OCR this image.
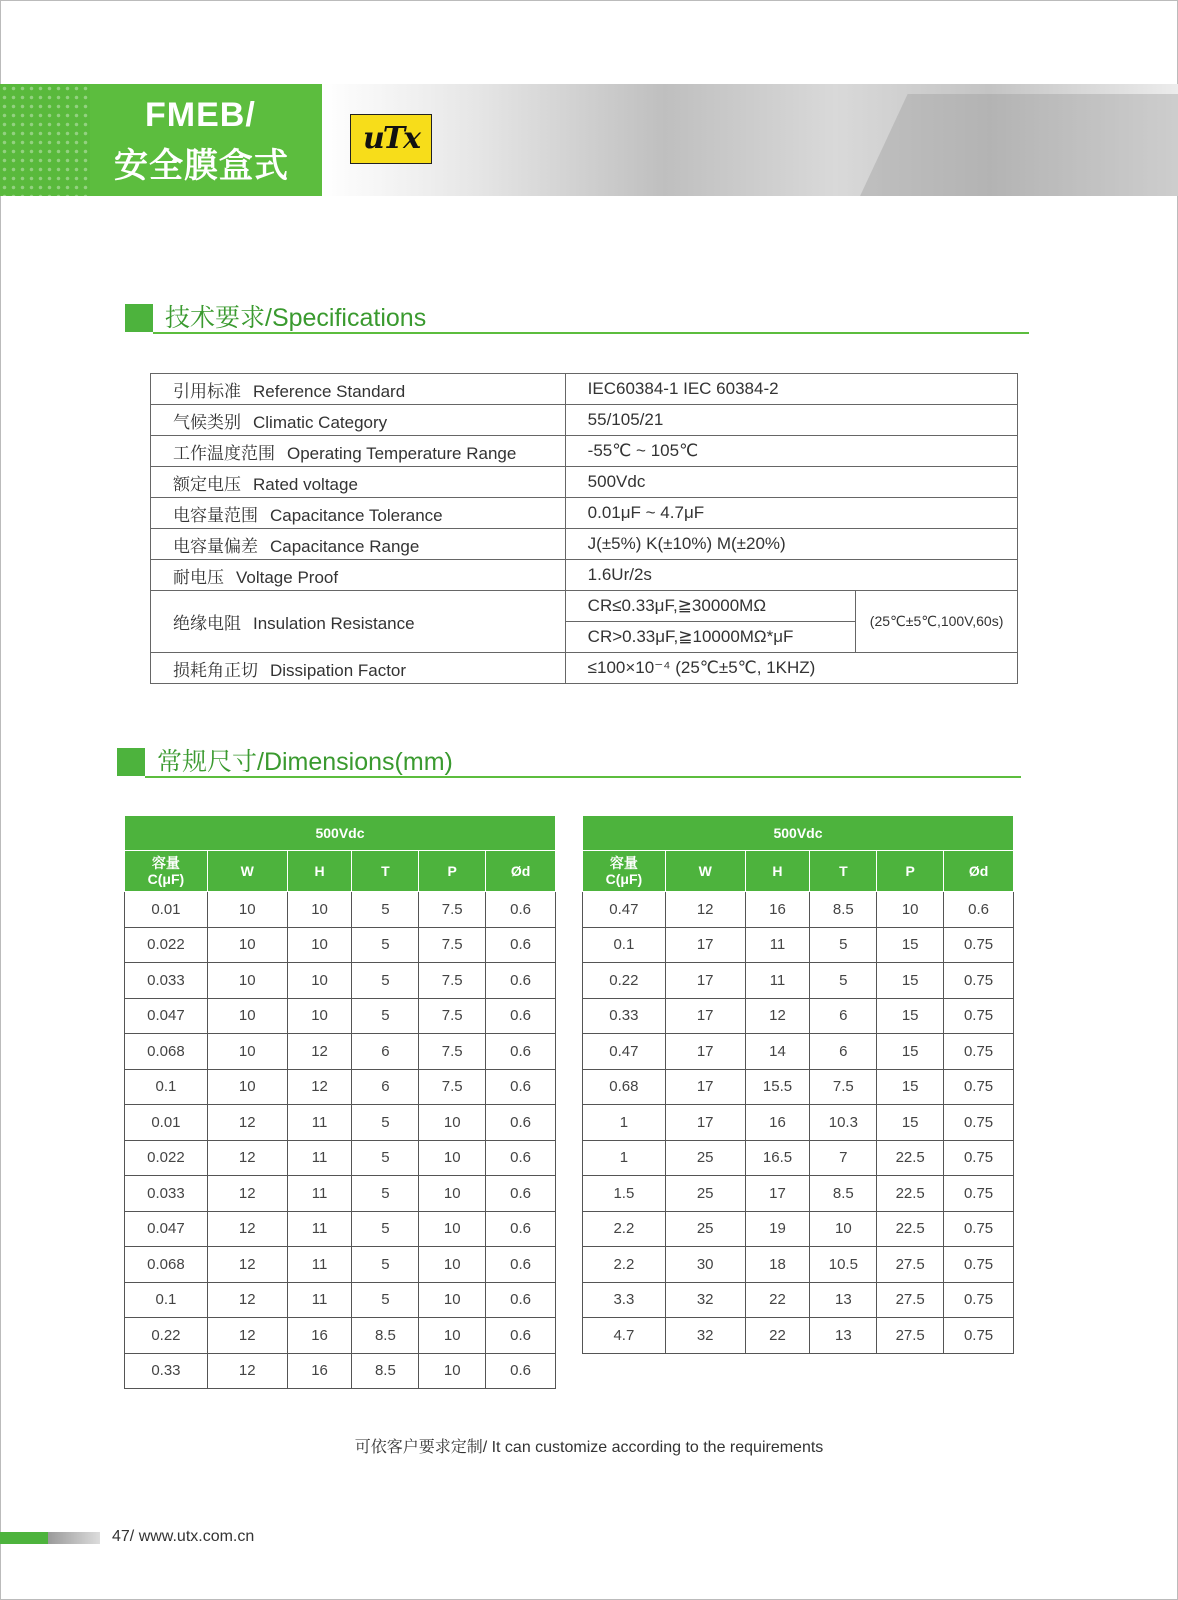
FMEB/
安全膜盒式
uTx
技术要求/Specifications
引用标准 Reference Standard	IEC60384-1 IEC 60384-2	
气候类别 Climatic Category	55/105/21	
工作温度范围 Operating Temperature Range	-55℃ ~ 105℃	
额定电压 Rated voltage	500Vdc	
电容量范围 Capacitance Tolerance	0.01μF ~ 4.7μF	
电容量偏差 Capacitance Range	J(±5%) K(±10%) M(±20%)	
耐电压 Voltage Proof	1.6Ur/2s	
绝缘电阻 Insulation Resistance	CR≤0.33μF,≧30000MΩ	(25℃±5℃,100V,60s)
	CR>0.33μF,≧10000MΩ*μF	
损耗角正切 Dissipation Factor	≤100×10⁻⁴ (25℃±5℃, 1KHZ)	
常规尺寸/Dimensions(mm)
500Vdc					
容量
C(μF)	W	H	T	P	Ød
0.01	10	10	5	7.5	0.6
0.022	10	10	5	7.5	0.6
0.033	10	10	5	7.5	0.6
0.047	10	10	5	7.5	0.6
0.068	10	12	6	7.5	0.6
0.1	10	12	6	7.5	0.6
0.01	12	11	5	10	0.6
0.022	12	11	5	10	0.6
0.033	12	11	5	10	0.6
0.047	12	11	5	10	0.6
0.068	12	11	5	10	0.6
0.1	12	11	5	10	0.6
0.22	12	16	8.5	10	0.6
0.33	12	16	8.5	10	0.6
500Vdc					
容量
C(μF)	W	H	T	P	Ød
0.47	12	16	8.5	10	0.6
0.1	17	11	5	15	0.75
0.22	17	11	5	15	0.75
0.33	17	12	6	15	0.75
0.47	17	14	6	15	0.75
0.68	17	15.5	7.5	15	0.75
1	17	16	10.3	15	0.75
1	25	16.5	7	22.5	0.75
1.5	25	17	8.5	22.5	0.75
2.2	25	19	10	22.5	0.75
2.2	30	18	10.5	27.5	0.75
3.3	32	22	13	27.5	0.75
4.7	32	22	13	27.5	0.75
可依客户要求定制/ It can customize according to the requirements
47/ www.utx.com.cn
